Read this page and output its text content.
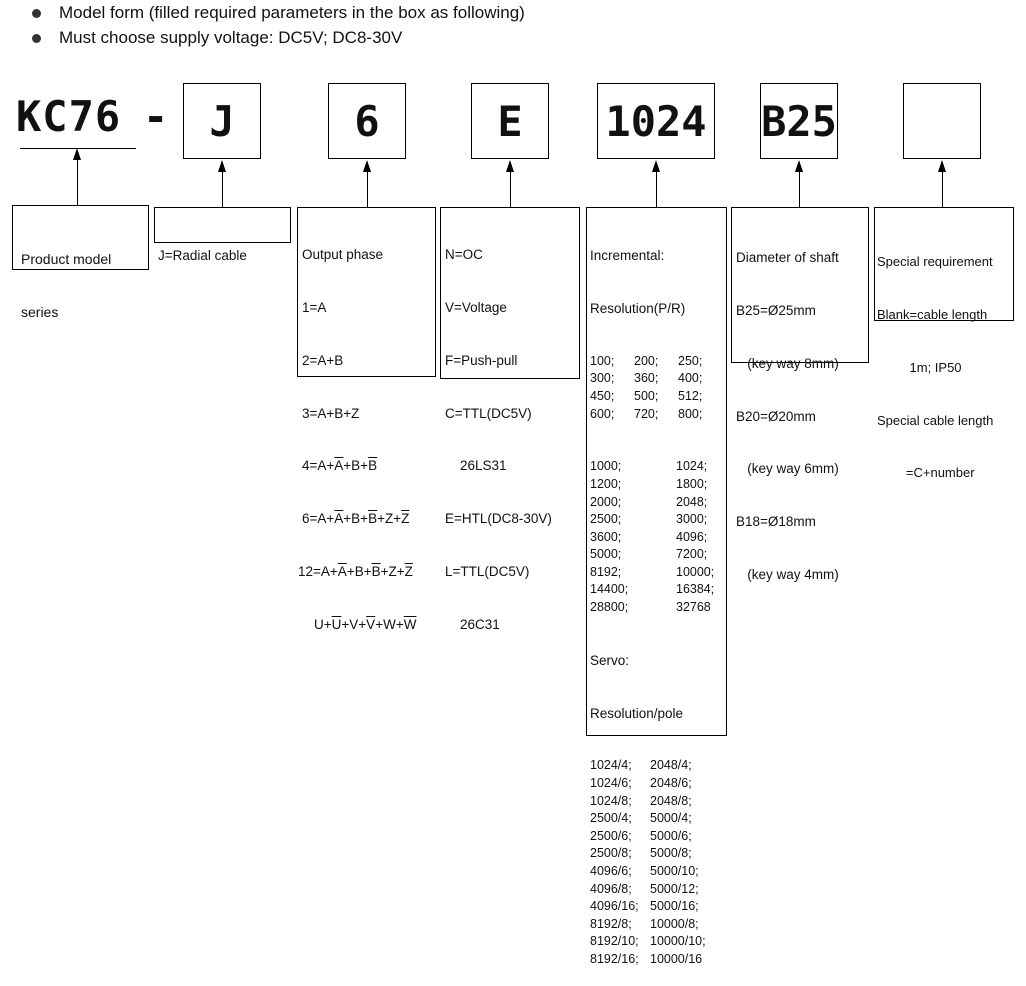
Model form (filled required parameters in the box as following)
Must choose supply voltage: DC5V; DC8-30V
KC76 - J	6	E	1024 B25

Product model

series

J=Radial cable

	Output phase

1=A

2=A+B

3=A+B+Z

$4=A+\overline{A}+B+\overline{B}$

$6=A+\overline{A}+B+\overline{B}+Z+\overline{Z}$

$12=A+\overline{A}+B+\overline{B}+Z+\overline{Z}$

$U+\overline{U}+V+\overline{V}+W+\overline{W}$

N=OC

V=Voltage

F=Push-pull

C=TTL(DC5V)

26LS31

E=HTL(DC8-30V)

L=TTL(DC5V)

26C31

Incremental:

Resolution(P/R)

100;	200;	250;
300;	360;	400;
450;	500;	512;
600;	720;	800;

1000;	1024;
1200;	1800;
2000;	2048;
2500;	3000;
3600;	4096;
5000;	7200;
8192;	10000;
14400;	16384;
28800;	32768

Servo:

Resolution/pole

1024/4;	2048/4;
1024/6;	2048/6;
1024/8;	2048/8;
2500/4;	5000/4;
2500/6;	5000/6;
2500/8;	5000/8;
4096/6;	5000/10;
4096/8;	5000/12;
4096/16; 5000/16;
8192/8;	10000/8;
8192/10; 10000/10;
8192/16; 10000/16

Diameter of shaft

B25=Ø25mm

(key way 8mm)

B20=Ø20mm

(key way 6mm)

B18=Ø18mm

(key way 4mm)

Special requirement

Blank=cable length

1m; IP50

Special cable length

=C+number
